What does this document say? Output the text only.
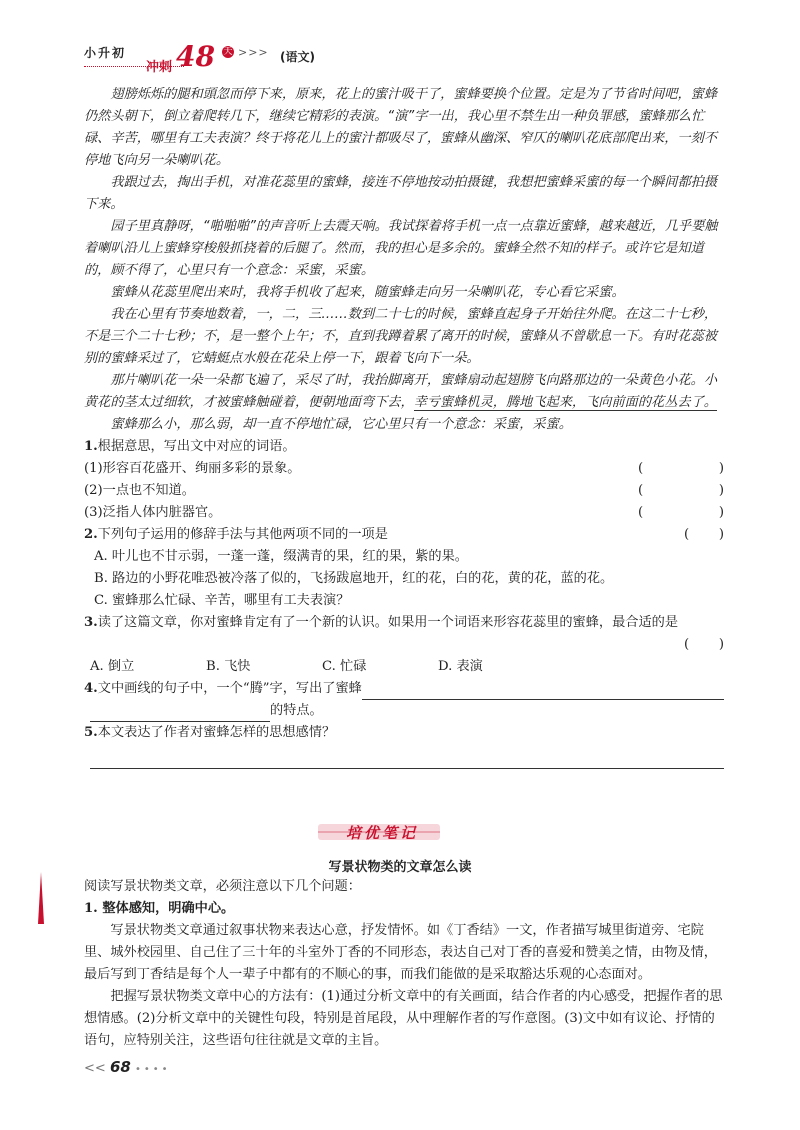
小升初
冲刺 48 天 >>> (语文)

翅膀烁烁的腿和頭忽而停下来，原来，花上的蜜汁吸干了，蜜蜂要换个位置。定是为了节省时间吧，蜜蜂仍然头朝下，倒立着爬转几下，继续它精彩的表演。“演”字一出，我心里不禁生出一种负罪感，蜜蜂那么忙碌、辛苦，哪里有工夫表演？终于将花儿上的蜜汁都吸尽了，蜜蜂从幽深、窄仄的喇叭花底部爬出来，一刻不停地飞向另一朵喇叭花。

我跟过去，掏出手机，对准花蕊里的蜜蜂，接连不停地按动拍摄键，我想把蜜蜂采蜜的每一个瞬间都拍摄下来。

园子里真静呀，“啪啪啪”的声音听上去震天响。我试探着将手机一点一点靠近蜜蜂，越来越近，几乎要触着喇叭沿儿上蜜蜂穿梭般抓挠着的后腿了。然而，我的担心是多余的。蜜蜂全然不知的样子。或许它是知道的，顾不得了，心里只有一个意念：采蜜，采蜜。

蜜蜂从花蕊里爬出来时，我将手机收了起来，随蜜蜂走向另一朵喇叭花，专心看它采蜜。

我在心里有节奏地数着，一，二，三……数到二十七的时候，蜜蜂直起身子开始往外爬。在这二十七秒，不是三个二十七秒；不，是一整个上午；不，直到我蹲着累了离开的时候，蜜蜂从不曾歇息一下。有时花蕊被别的蜜蜂采过了，它蜻蜓点水般在花朵上停一下，跟着飞向下一朵。

那片喇叭花一朵一朵都飞遍了，采尽了时，我抬脚离开，蜜蜂扇动起翅膀飞向路那边的一朵黄色小花。小黄花的茎太过细软，才被蜜蜂触碰着，便朝地面弯下去，幸亏蜜蜂机灵，腾地飞起来，飞向前面的花丛去了。

蜜蜂那么小，那么弱，却一直不停地忙碌，它心里只有一个意念：采蜜，采蜜。

1.根据意思，写出文中对应的词语。
(1)形容百花盛开、绚丽多彩的景象。	(	)
(2)一点也不知道。	(	)
(3)泛指人体内脏器官。	(	)
2.下列句子运用的修辞手法与其他两项不同的一项是	( )
A. 叶儿也不甘示弱，一蓬一蓬，缀满青的果，红的果，紫的果。
B. 路边的小野花唯恐被冷落了似的，飞扬跋扈地开，红的花，白的花，黄的花，蓝的花。
C. 蜜蜂那么忙碌、辛苦，哪里有工夫表演？
3.读了这篇文章，你对蜜蜂肯定有了一个新的认识。如果用一个词语来形容花蕊里的蜜蜂，最合适的是
( )
A. 倒立	B. 飞快	C. 忙碌	D. 表演
4.文中画线的句子中，一个“腾”字，写出了蜜蜂
的特点。
5.本文表达了作者对蜜蜂怎样的思想感情？
培优笔记
写景状物类的文章怎么读

阅读写景状物类文章，必须注意以下几个问题：

1. 整体感知，明确中心。

写景状物类文章通过叙事状物来表达心意，抒发情怀。如《丁香结》一文，作者描写城里街道旁、宅院里、城外校园里、自己住了三十年的斗室外丁香的不同形态，表达自己对丁香的喜爱和赞美之情，由物及情，最后写到丁香结是每个人一辈子中都有的不顺心的事，而我们能做的是采取豁达乐观的心态面对。

把握写景状物类文章中心的方法有：(1)通过分析文章中的有关画面，结合作者的内心感受，把握作者的思想情感。(2)分析文章中的关键性句段，特别是首尾段，从中理解作者的写作意图。(3)文中如有议论、抒情的语句，应特别关注，这些语句往往就是文章的主旨。

<< 68 ••••
